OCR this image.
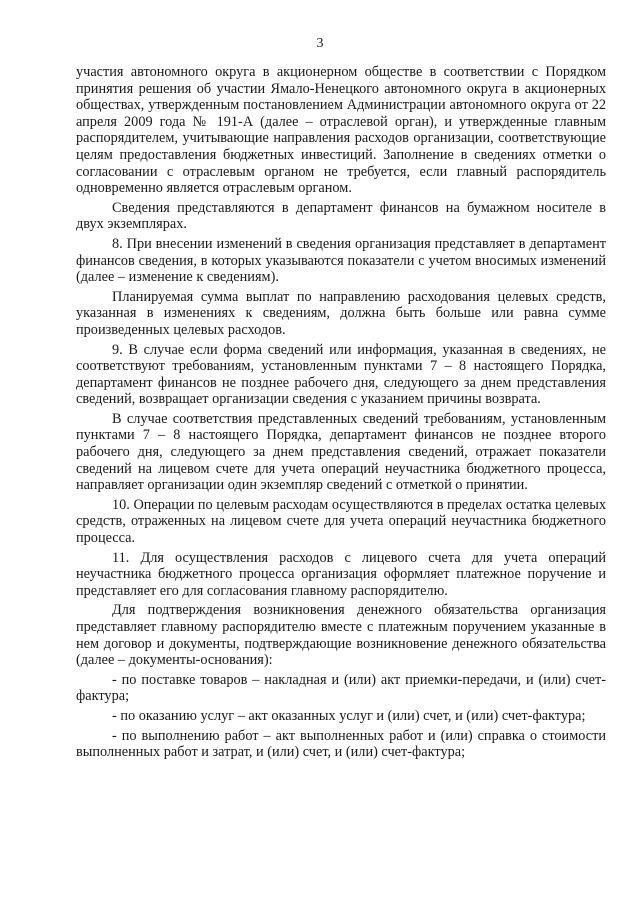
3

участия автономного округа в акционерном обществе в соответствии с Порядком принятия решения об участии Ямало-Ненецкого автономного округа в акционерных обществах, утвержденным постановлением Администрации автономного округа от 22 апреля 2009 года № 191-А (далее – отраслевой орган), и утвержденные главным распорядителем, учитывающие направления расходов организации, соответствующие целям предоставления бюджетных инвестиций. Заполнение в сведениях отметки о согласовании с отраслевым органом не требуется, если главный распорядитель одновременно является отраслевым органом.

Сведения представляются в департамент финансов на бумажном носителе в двух экземплярах.

8. При внесении изменений в сведения организация представляет в департамент финансов сведения, в которых указываются показатели с учетом вносимых изменений (далее – изменение к сведениям).

Планируемая сумма выплат по направлению расходования целевых средств, указанная в изменениях к сведениям, должна быть больше или равна сумме произведенных целевых расходов.

9. В случае если форма сведений или информация, указанная в сведениях, не соответствуют требованиям, установленным пунктами 7 – 8 настоящего Порядка, департамент финансов не позднее рабочего дня, следующего за днем представления сведений, возвращает организации сведения с указанием причины возврата.

В случае соответствия представленных сведений требованиям, установленным пунктами 7 – 8 настоящего Порядка, департамент финансов не позднее второго рабочего дня, следующего за днем представления сведений, отражает показатели сведений на лицевом счете для учета операций неучастника бюджетного процесса, направляет организации один экземпляр сведений с отметкой о принятии.

10. Операции по целевым расходам осуществляются в пределах остатка целевых средств, отраженных на лицевом счете для учета операций неучастника бюджетного процесса.

11. Для осуществления расходов с лицевого счета для учета операций неучастника бюджетного процесса организация оформляет платежное поручение и представляет его для согласования главному распорядителю.

Для подтверждения возникновения денежного обязательства организация представляет главному распорядителю вместе с платежным поручением указанные в нем договор и документы, подтверждающие возникновение денежного обязательства (далее – документы-основания):

- по поставке товаров – накладная и (или) акт приемки-передачи, и (или) счет-фактура;

- по оказанию услуг – акт оказанных услуг и (или) счет, и (или) счет-фактура;

- по выполнению работ – акт выполненных работ и (или) справка о стоимости выполненных работ и затрат, и (или) счет, и (или) счет-фактура;
